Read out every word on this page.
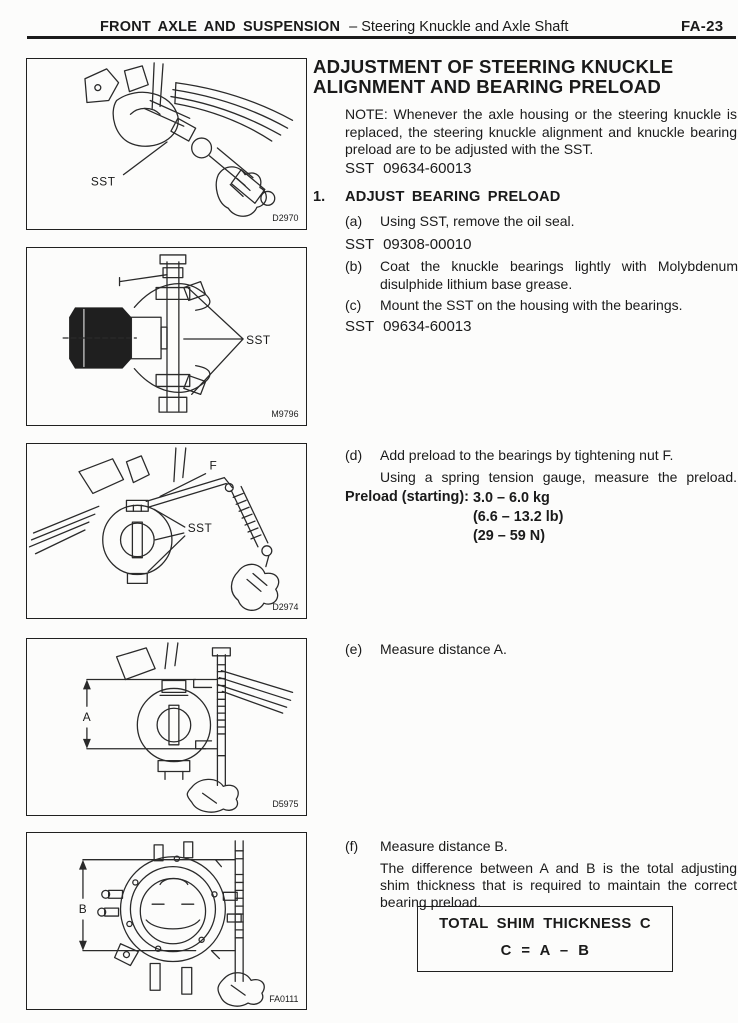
FRONT AXLE AND SUSPENSION – Steering Knuckle and Axle Shaft	FA-23
SST
D2970
SST
M9796
F
SST
D2974
A
D5975
B
FA0111
ADJUSTMENT OF STEERING KNUCKLE
ALIGNMENT AND BEARING PRELOAD

NOTE: Whenever the axle housing or the steering knuckle is replaced, the steering knuckle alignment and knuckle bearing preload are to be adjusted with the SST.

SST 09634-60013
1. ADJUST BEARING PRELOAD
(a) Using SST, remove the oil seal.
SST 09308-00010
(b) Coat the knuckle bearings lightly with Molybdenum disulphide lithium base grease.
(c) Mount the SST on the housing with the bearings.
SST 09634-60013
(d) Add preload to the bearings by tightening nut F.
Using a spring tension gauge, measure the preload.
Preload (starting): 3.0 – 6.0 kg
(6.6 – 13.2 lb)
(29 – 59 N)
(e) Measure distance A.
(f) Measure distance B.
The difference between A and B is the total adjusting shim thickness that is required to maintain the correct bearing preload.
TOTAL SHIM THICKNESS C
C = A – B
